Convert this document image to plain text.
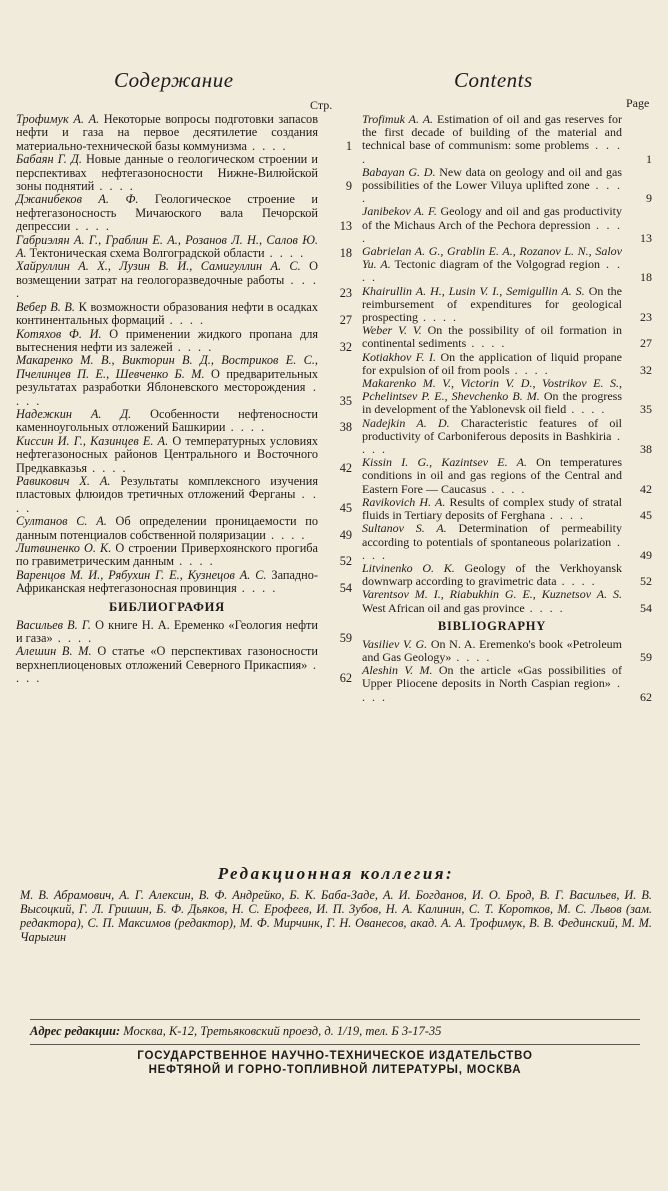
Содержание
Стр.
Трофимук А. А. Некоторые вопросы подготовки запасов нефти и газа на первое десятилетие создания материально-технической базы коммунизма . . . .	1
Бабаян Г. Д. Новые данные о геологическом строении и перспективах нефтегазоносности Нижне-Вилюйской зоны поднятий . . . .	9
Джанибеков А. Ф. Геологическое строение и нефтегазоносность Мичаюского вала Печорской депрессии . . . .	13
Габриэлян А. Г., Граблин Е. А., Розанов Л. Н., Салов Ю. А. Тектоническая схема Волгоградской области . . . .	18
Хайруллин А. Х., Лузин В. И., Самигуллин А. С. О возмещении затрат на геологоразведочные работы . . . .	23
Вебер В. В. К возможности образования нефти в осадках континентальных формаций . . . .	27
Котяхов Ф. И. О применении жидкого пропана для вытеснения нефти из залежей . . . .	32
Макаренко М. В., Викторин В. Д., Востриков Е. С., Пчелинцев П. Е., Шевченко Б. М. О предварительных результатах разработки Яблоневского месторождения . . . .	35
Надежкин А. Д. Особенности нефтеносности каменноугольных отложений Башкирии . . . .	38
Киссин И. Г., Казинцев Е. А. О температурных условиях нефтегазоносных районов Центрального и Восточного Предкавказья . . . .	42
Равикович Х. А. Результаты комплексного изучения пластовых флюидов третичных отложений Ферганы . . . .	45
Султанов С. А. Об определении проницаемости по данным потенциалов собственной поляризации . . . .	49
Литвиненко О. К. О строении Приверхоянского прогиба по гравиметрическим данным . . . .	52
Варенцов М. И., Рябухин Г. Е., Кузнецов А. С. Западно-Африканская нефтегазоносная провинция . . . .	54
БИБЛИОГРАФИЯ
Васильев В. Г. О книге Н. А. Еременко «Геология нефти и газа» . . . .	59
Алешин В. М. О статье «О перспективах газоносности верхнеплиоценовых отложений Северного Прикаспия» . . . .	62
Contents
Page
Trofimuk A. A. Estimation of oil and gas reserves for the first decade of building of the material and technical base of communism: some problems . . . .	1
Babayan G. D. New data on geology and oil and gas possibilities of the Lower Viluya uplifted zone . . . .	9
Janibekov A. F. Geology and oil and gas productivity of the Michaus Arch of the Pechora depression . . . .	13
Gabrielan A. G., Grablin E. A., Rozanov L. N., Salov Yu. A. Tectonic diagram of the Volgograd region . . . .	18
Khairullin A. H., Lusin V. I., Semigullin A. S. On the reimbursement of expenditures for geological prospecting . . . .	23
Weber V. V. On the possibility of oil formation in continental sediments . . . .	27
Kotiakhov F. I. On the application of liquid propane for expulsion of oil from pools . . . .	32
Makarenko M. V., Victorin V. D., Vostrikov E. S., Pchelintsev P. E., Shevchenko B. M. On the progress in development of the Yablonevsk oil field . . . .	35
Nadejkin A. D. Characteristic features of oil productivity of Carboniferous deposits in Bashkiria . . . .	38
Kissin I. G., Kazintsev E. A. On temperatures conditions in oil and gas regions of the Central and Eastern Fore — Caucasus . . . .	42
Ravikovich H. A. Results of complex study of stratal fluids in Tertiary deposits of Ferghana . . . .	45
Sultanov S. A. Determination of permeability according to potentials of spontaneous polarization . . . .	49
Litvinenko O. K. Geology of the Verkhoyansk downwarp according to gravimetric data . . . .	52
Varentsov M. I., Riabukhin G. E., Kuznetsov A. S. West African oil and gas province . . . .	54
BIBLIOGRAPHY
Vasiliev V. G. On N. A. Eremenko's book «Petroleum and Gas Geology» . . . .	59
Aleshin V. M. On the article «Gas possibilities of Upper Pliocene deposits in North Caspian region» . . . .	62
Редакционная коллегия:

М. В. Абрамович, А. Г. Алексин, В. Ф. Андрейко, Б. К. Баба-Заде, А. И. Богданов, И. О. Брод, В. Г. Васильев, И. В. Высоцкий, Г. Л. Гришин, Б. Ф. Дьяков, Н. С. Ерофеев, И. П. Зубов, Н. А. Калинин, С. Т. Коротков, М. С. Львов (зам. редактора), С. П. Максимов (редактор), М. Ф. Мирчинк, Г. Н. Ованесов, акад. А. А. Трофимук, В. В. Фединский, М. М. Чарыгин

Адрес редакции: Москва, К-12, Третьяковский проезд, д. 1/19, тел. Б 3-17-35
ГОСУДАРСТВЕННОЕ НАУЧНО-ТЕХНИЧЕСКОЕ ИЗДАТЕЛЬСТВО
НЕФТЯНОЙ И ГОРНО-ТОПЛИВНОЙ ЛИТЕРАТУРЫ, МОСКВА
